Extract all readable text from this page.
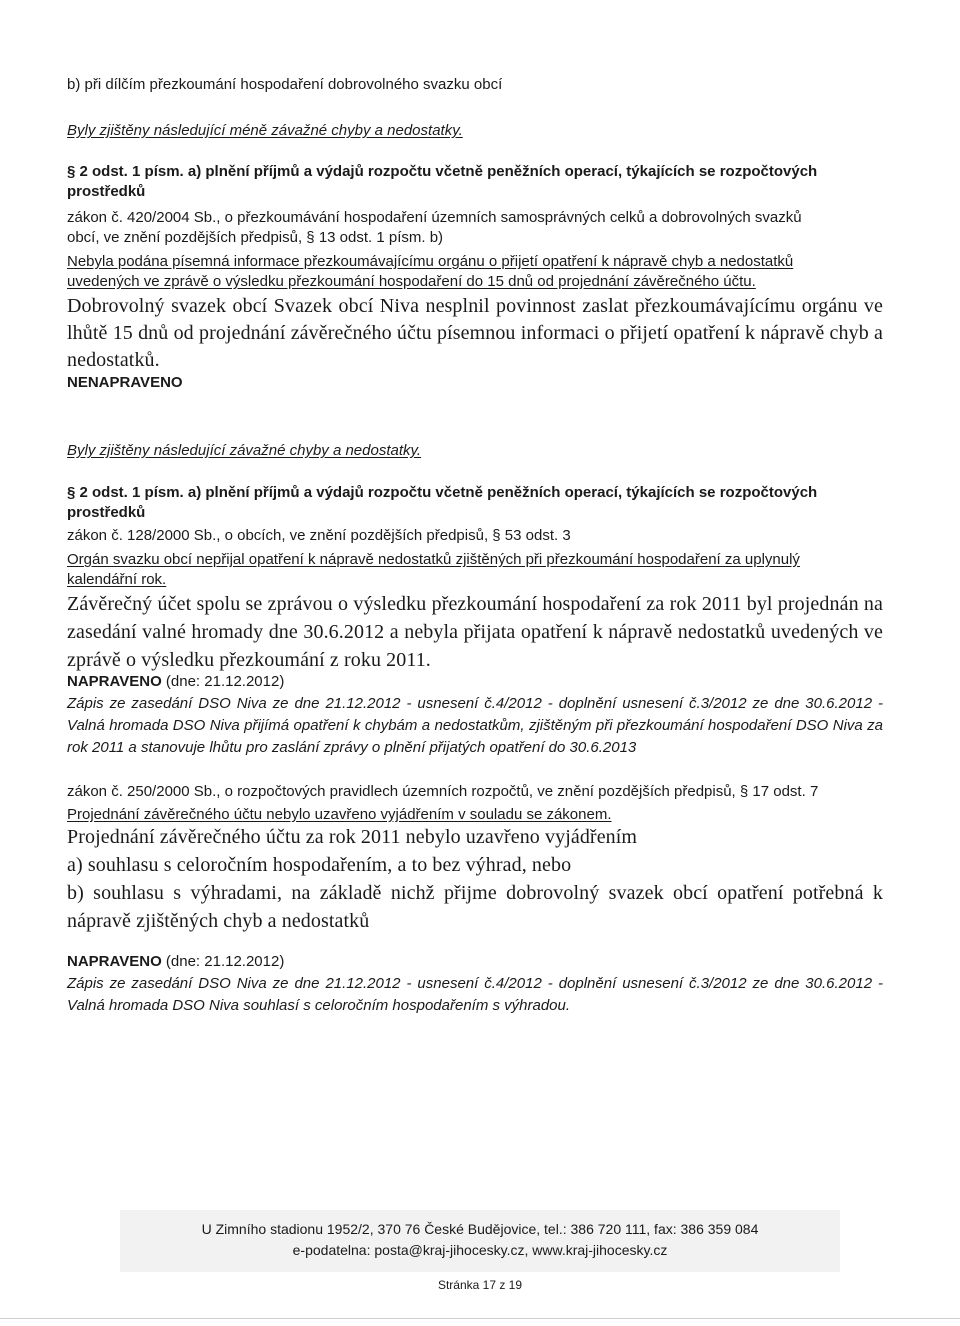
b) při dílčím přezkoumání hospodaření dobrovolného svazku obcí
Byly zjištěny následující méně závažné chyby a nedostatky.
§ 2 odst. 1 písm. a) plnění příjmů a výdajů rozpočtu včetně peněžních operací, týkajících se rozpočtových
prostředků
zákon č. 420/2004 Sb., o přezkoumávání hospodaření územních samosprávných celků a dobrovolných svazků
obcí, ve znění pozdějších předpisů, § 13 odst. 1 písm. b)
Nebyla podána písemná informace přezkoumávajícímu orgánu o přijetí opatření k nápravě chyb a nedostatků
uvedených ve zprávě o výsledku přezkoumání hospodaření do 15 dnů od projednání závěrečného účtu.
Dobrovolný svazek obcí Svazek obcí Niva nesplnil povinnost zaslat přezkoumávajícímu orgánu ve lhůtě 15 dnů od projednání závěrečného účtu písemnou informaci o přijetí opatření k nápravě chyb a nedostatků.
NENAPRAVENO
Byly zjištěny následující závažné chyby a nedostatky.
§ 2 odst. 1 písm. a) plnění příjmů a výdajů rozpočtu včetně peněžních operací, týkajících se rozpočtových
prostředků
zákon č. 128/2000 Sb., o obcích, ve znění pozdějších předpisů, § 53 odst. 3
Orgán svazku obcí nepřijal opatření k nápravě nedostatků zjištěných při přezkoumání hospodaření za uplynulý
kalendářní rok.
Závěrečný účet spolu se zprávou o výsledku přezkoumání hospodaření za rok 2011 byl projednán na zasedání valné hromady dne 30.6.2012 a nebyla přijata opatření k nápravě nedostatků uvedených ve zprávě o výsledku přezkoumání z roku 2011.
NAPRAVENO (dne: 21.12.2012)
Zápis ze zasedání DSO Niva ze dne 21.12.2012 - usnesení č.4/2012 - doplnění usnesení č.3/2012 ze dne 30.6.2012 - Valná hromada DSO Niva přijímá opatření k chybám a nedostatkům, zjištěným při přezkoumání hospodaření DSO Niva za rok 2011 a stanovuje lhůtu pro zaslání zprávy o plnění přijatých opatření do 30.6.2013
zákon č. 250/2000 Sb., o rozpočtových pravidlech územních rozpočtů, ve znění pozdějších předpisů, § 17 odst. 7
Projednání závěrečného účtu nebylo uzavřeno vyjádřením v souladu se zákonem.
Projednání závěrečného účtu za rok 2011 nebylo uzavřeno vyjádřením
a) souhlasu s celoročním hospodařením, a to bez výhrad, nebo
b) souhlasu s výhradami, na základě nichž přijme dobrovolný svazek obcí opatření potřebná k nápravě zjištěných chyb a nedostatků
NAPRAVENO (dne: 21.12.2012)
Zápis ze zasedání DSO Niva ze dne 21.12.2012 - usnesení č.4/2012 - doplnění usnesení č.3/2012 ze dne 30.6.2012 - Valná hromada DSO Niva souhlasí s celoročním hospodařením s výhradou.
U Zimního stadionu 1952/2, 370 76 České Budějovice, tel.: 386 720 111, fax: 386 359 084
e-podatelna: posta@kraj-jihocesky.cz, www.kraj-jihocesky.cz
Stránka 17 z 19
